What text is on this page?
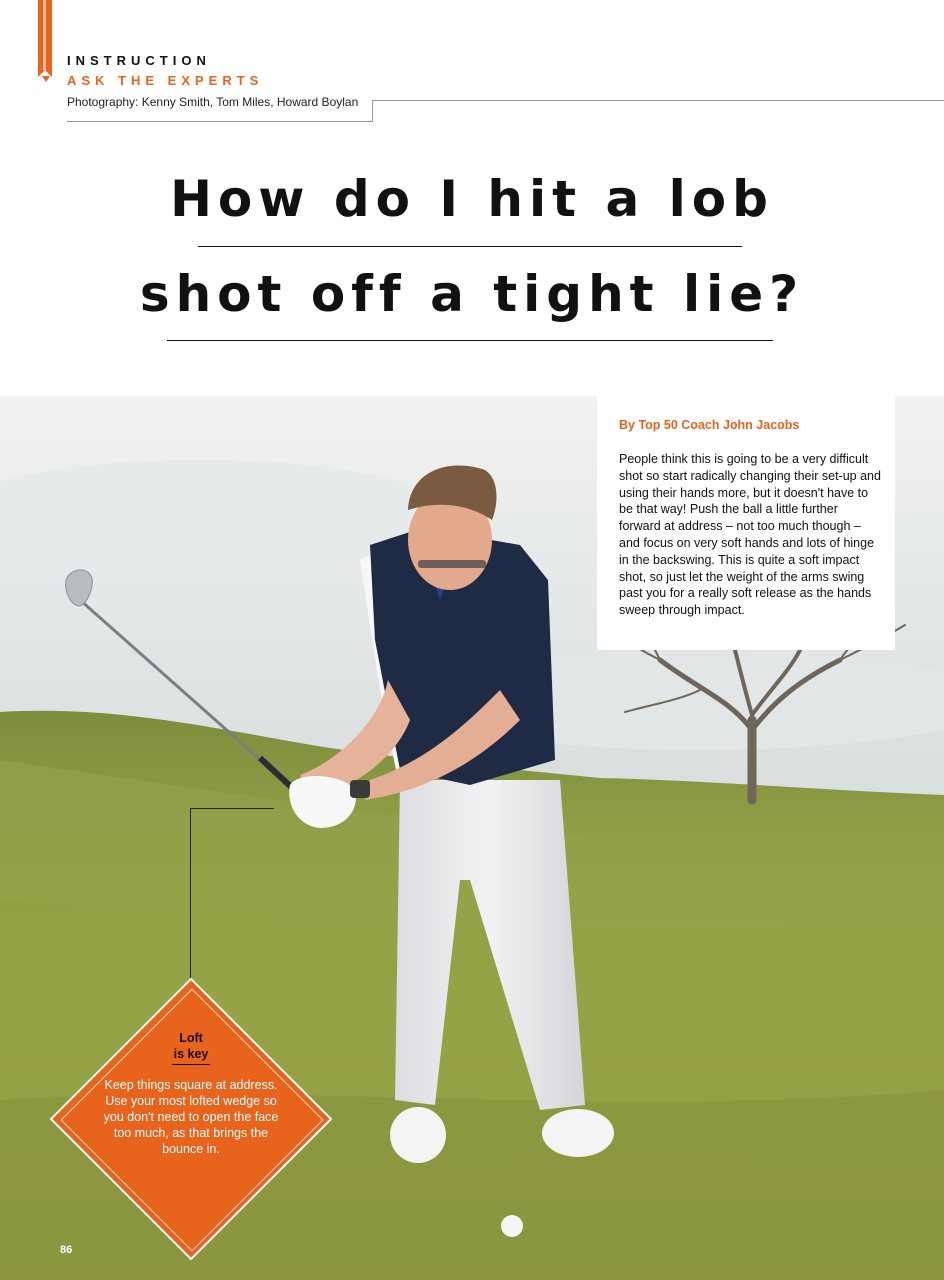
INSTRUCTION
ASK THE EXPERTS
Photography: Kenny Smith, Tom Miles, Howard Boylan
How do I hit a lob
shot off a tight lie?
By Top 50 Coach John Jacobs
People think this is going to be a very difficult shot so start radically changing their set-up and using their hands more, but it doesn't have to be that way! Push the ball a little further forward at address – not too much though – and focus on very soft hands and lots of hinge in the backswing. This is quite a soft impact shot, so just let the weight of the arms swing past you for a really soft release as the hands sweep through impact.
Loft
is key
Keep things square at address. Use your most lofted wedge so you don't need to open the face too much, as that brings the bounce in.
86
